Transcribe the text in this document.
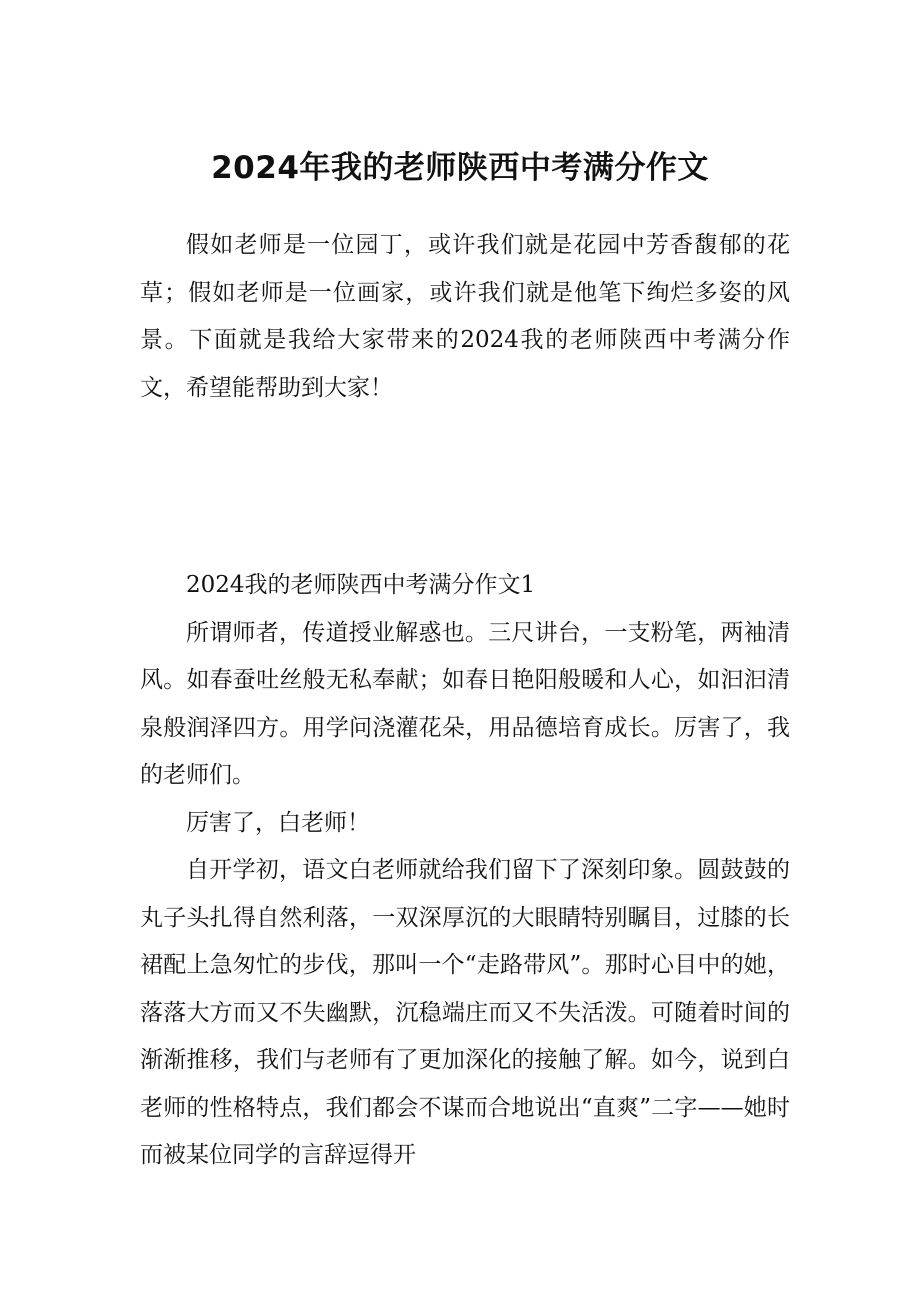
2024年我的老师陕西中考满分作文

假如老师是一位园丁，或许我们就是花园中芳香馥郁的花草；假如老师是一位画家，或许我们就是他笔下绚烂多姿的风景。下面就是我给大家带来的2024我的老师陕西中考满分作文，希望能帮助到大家！

2024我的老师陕西中考满分作文1

所谓师者，传道授业解惑也。三尺讲台，一支粉笔，两袖清风。如春蚕吐丝般无私奉献；如春日艳阳般暖和人心，如汩汩清泉般润泽四方。用学问浇灌花朵，用品德培育成长。厉害了，我的老师们。

厉害了，白老师！

自开学初，语文白老师就给我们留下了深刻印象。圆鼓鼓的丸子头扎得自然利落，一双深厚沉的大眼睛特别瞩目，过膝的长裙配上急匆忙的步伐，那叫一个“走路带风”。那时心目中的她，落落大方而又不失幽默，沉稳端庄而又不失活泼。可随着时间的渐渐推移，我们与老师有了更加深化的接触了解。如今，说到白老师的性格特点，我们都会不谋而合地说出“直爽”二字——她时而被某位同学的言辞逗得开
